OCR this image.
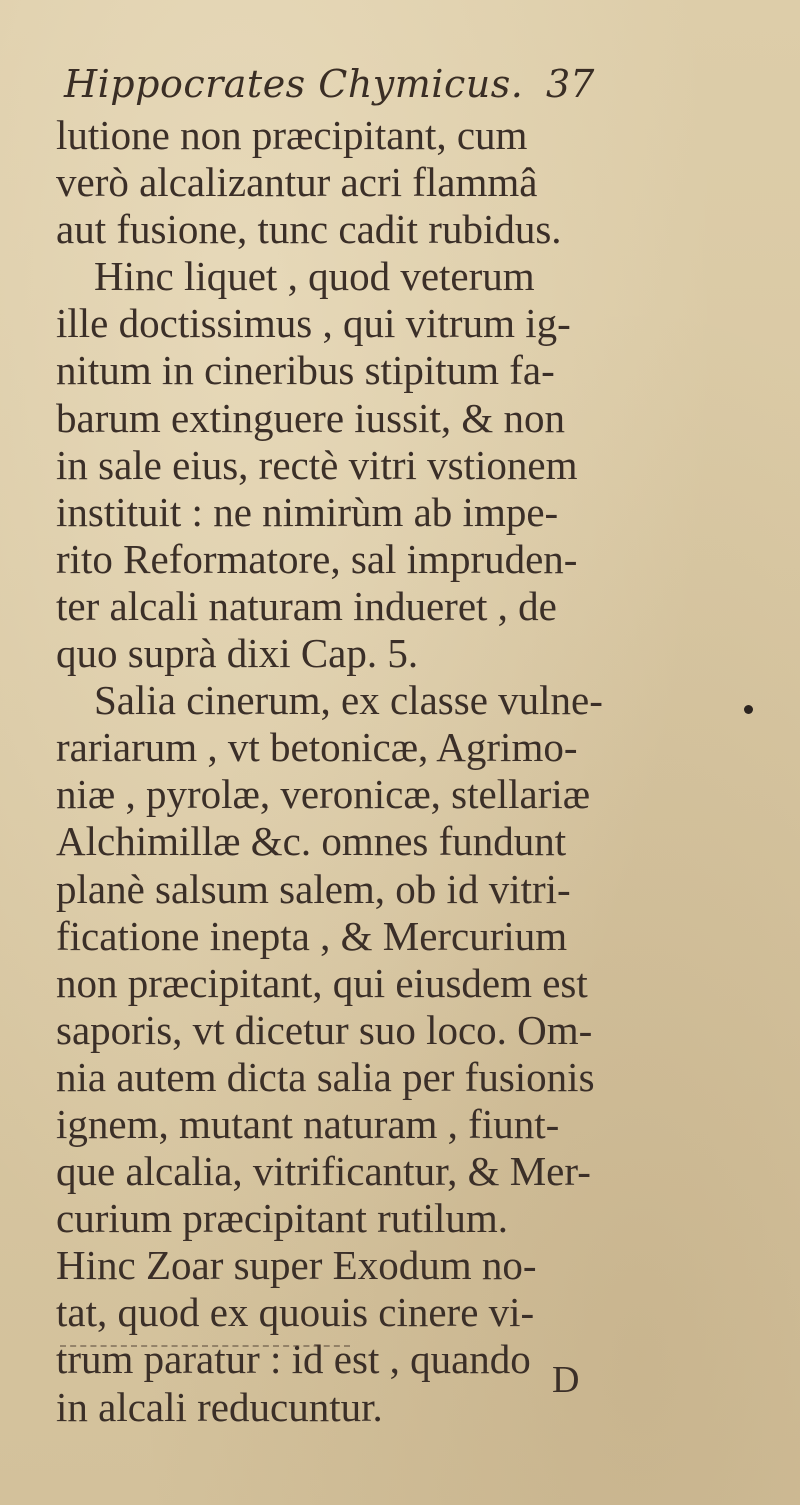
Hippocrates Chymicus. 37
lutione non præcipitant, cum
verò alcalizantur acri flammâ
aut fusione, tunc cadit rubidus.
Hinc liquet , quod veterum
ille doctissimus , qui vitrum ig-
nitum in cineribus stipitum fa-
barum extinguere iussit, & non
in sale eius, rectè vitri vstionem
instituit : ne nimirùm ab impe-
rito Reformatore, sal impruden-
ter alcali naturam indueret , de
quo suprà dixi Cap. 5.
Salia cinerum, ex classe vulne-
rariarum , vt betonicæ, Agrimo-
niæ , pyrolæ, veronicæ, stellariæ
Alchimillæ &c. omnes fundunt
planè salsum salem, ob id vitri-
ficatione inepta , & Mercurium
non præcipitant, qui eiusdem est
saporis, vt dicetur suo loco. Om-
nia autem dicta salia per fusionis
ignem, mutant naturam , fiunt-
que alcalia, vitrificantur, & Mer-
curium præcipitant rutilum.
Hinc Zoar super Exodum no-
tat, quod ex quouis cinere vi-
trum paratur : id est , quando
in alcali reducuntur.
D
